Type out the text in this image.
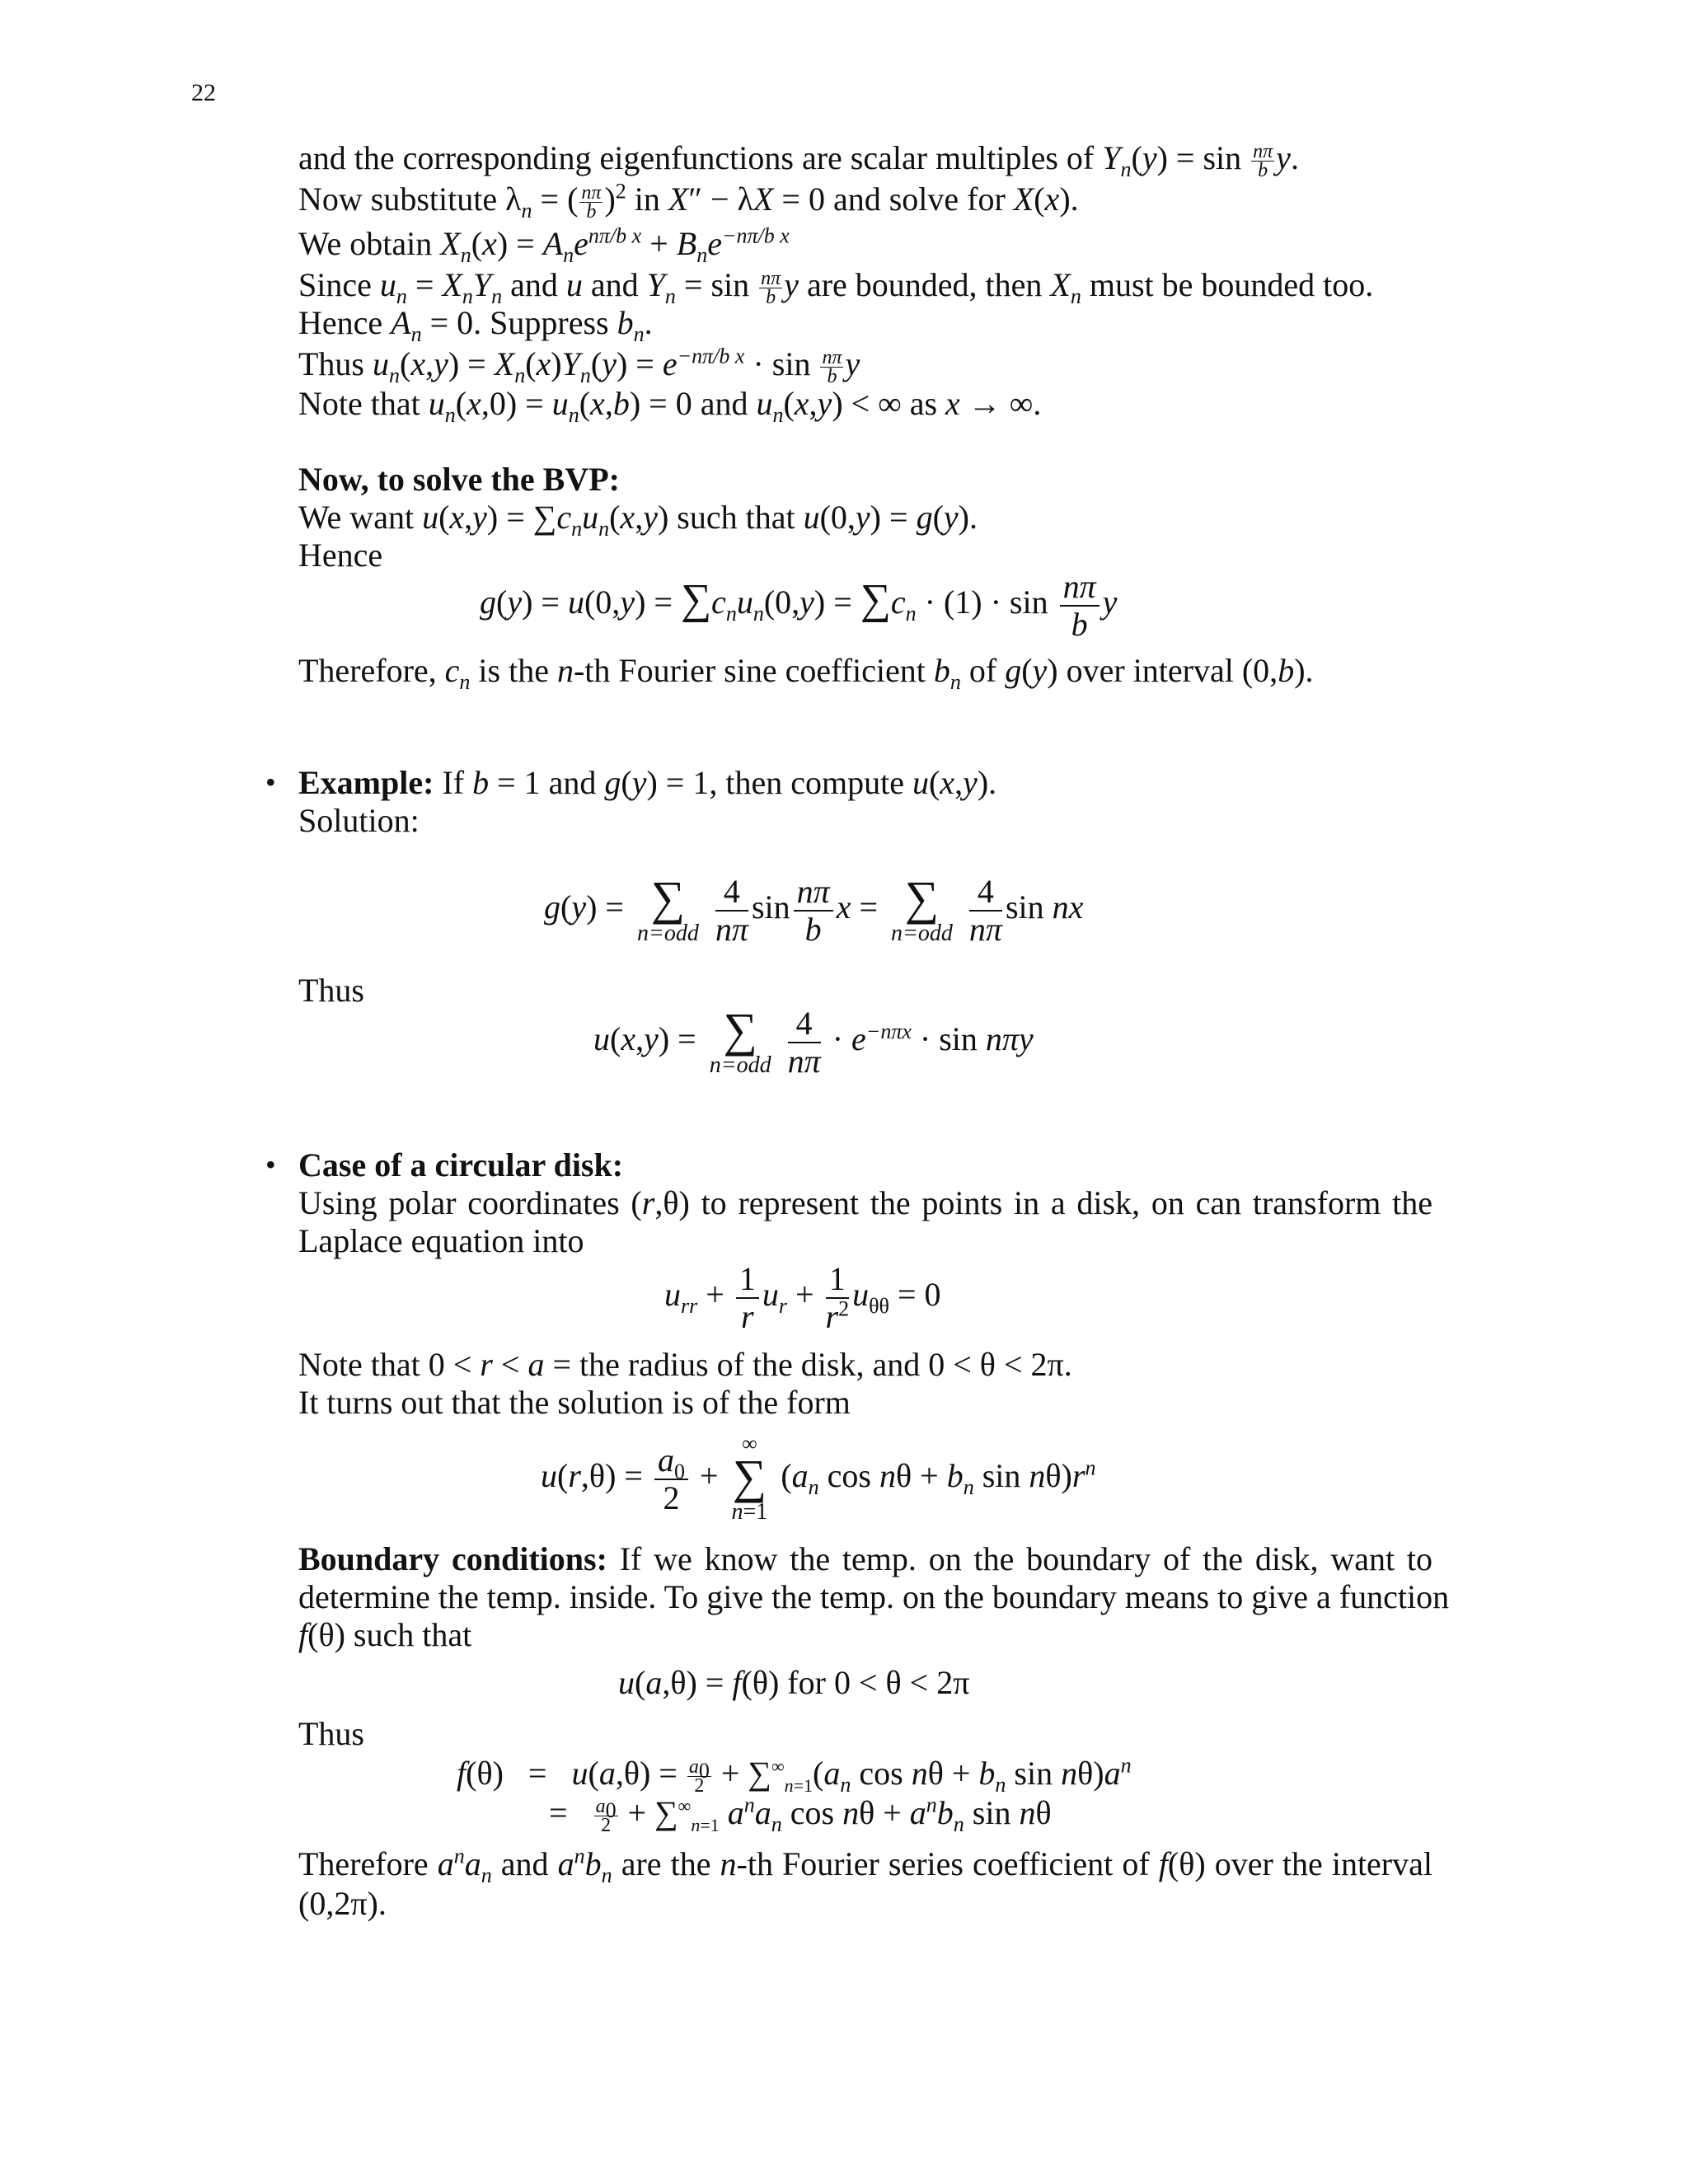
22
and the corresponding eigenfunctions are scalar multiples of $Y_n(y) = \sin \frac{n\pi}{b} y$.
Now substitute $\lambda_n$ = ( $\frac{n\pi}{b} )^2$ in X″ − λX = 0 and solve for X(x).
We obtain $X_n(x) = A_ne^{n\pi/b x} + B_ne^{-n\pi/b x}$
Since $u_n = X_nY_n$ and u and $Y_n = \sin \frac{n\pi}{b}$ y are bounded, then $X_n$ must be bounded too.
Hence $A_n = 0$. Suppress $b_n$.
Thus $u_n(x,y) = X_n(x)Y_n(y) = e^{-n\pi/b x} \cdot \sin \frac{n\pi}{b}$ y
Note that $u_n(x,0) = u_n(x,b) = 0$ and $u_n(x,y)$ < ∞ as x → ∞.
Now, to solve the BVP:
We want $u(x,y) = \sum c_nu_n(x,y)$ such that u(0,y) = g(y).
Hence
$g(y) = u(0,y) = \sum c_nu_n(0,y) = \sum c_n \cdot (1) \cdot \sin \frac{n\pi}{b}$ y
Therefore, $c_n$ is the n-th Fourier sine coefficient $b_n$ of g(y) over interval (0,b).
• Example: If b = 1 and g(y) = 1, then compute u(x,y).
Solution:
g(y) = ∑
n=odd
$\frac{4}{n\pi}$ $\sin \frac{n\pi}{b}$ x = ∑
n=odd
$\frac{4}{n\pi}$ sin nx
Thus
u(x,y) = ∑
n=odd
$\frac{4}{n\pi} \cdot e^{-n\pi x} \cdot \sin n\pi y$
• Case of a circular disk:
Using polar coordinates (r,θ) to represent the points in a disk, on can transform the
Laplace equation into
$u_{rr} + \frac{1}{r} u_r + \frac{1}{r^2} u_{\theta\theta} = 0$
Note that 0 < r < a = the radius of the disk, and 0 < θ < 2π.
It turns out that the solution is of the form
$u(r,\theta) = \frac{a_0}{2}$ +
∞
∑
n=1
($a_n$ $\cos n\theta + b_n$ $\sin n\theta)r^n$
Boundary conditions: If we know the temp. on the boundary of the disk, want to
determine the temp. inside. To give the temp. on the boundary means to give a function
f(θ) such that
u(a,θ) = f(θ) for 0 < θ < 2π
Thus
$f(\theta) = u(a,\theta) = \frac{a_0}{2} + \sum^\infty_{n=1}(a_n$ $\cos n\theta + b_n$ $\sin n\theta)a^n$
= $\frac{a_0}{2} + \sum^\infty_{n=1}$ $a^na_n$ $\cos n\theta + a^nb_n$ sin nθ
Therefore $a^na_n$ and $a^nb_n$ are the n-th Fourier series coefficient of f(θ) over the interval
(0,2π).
